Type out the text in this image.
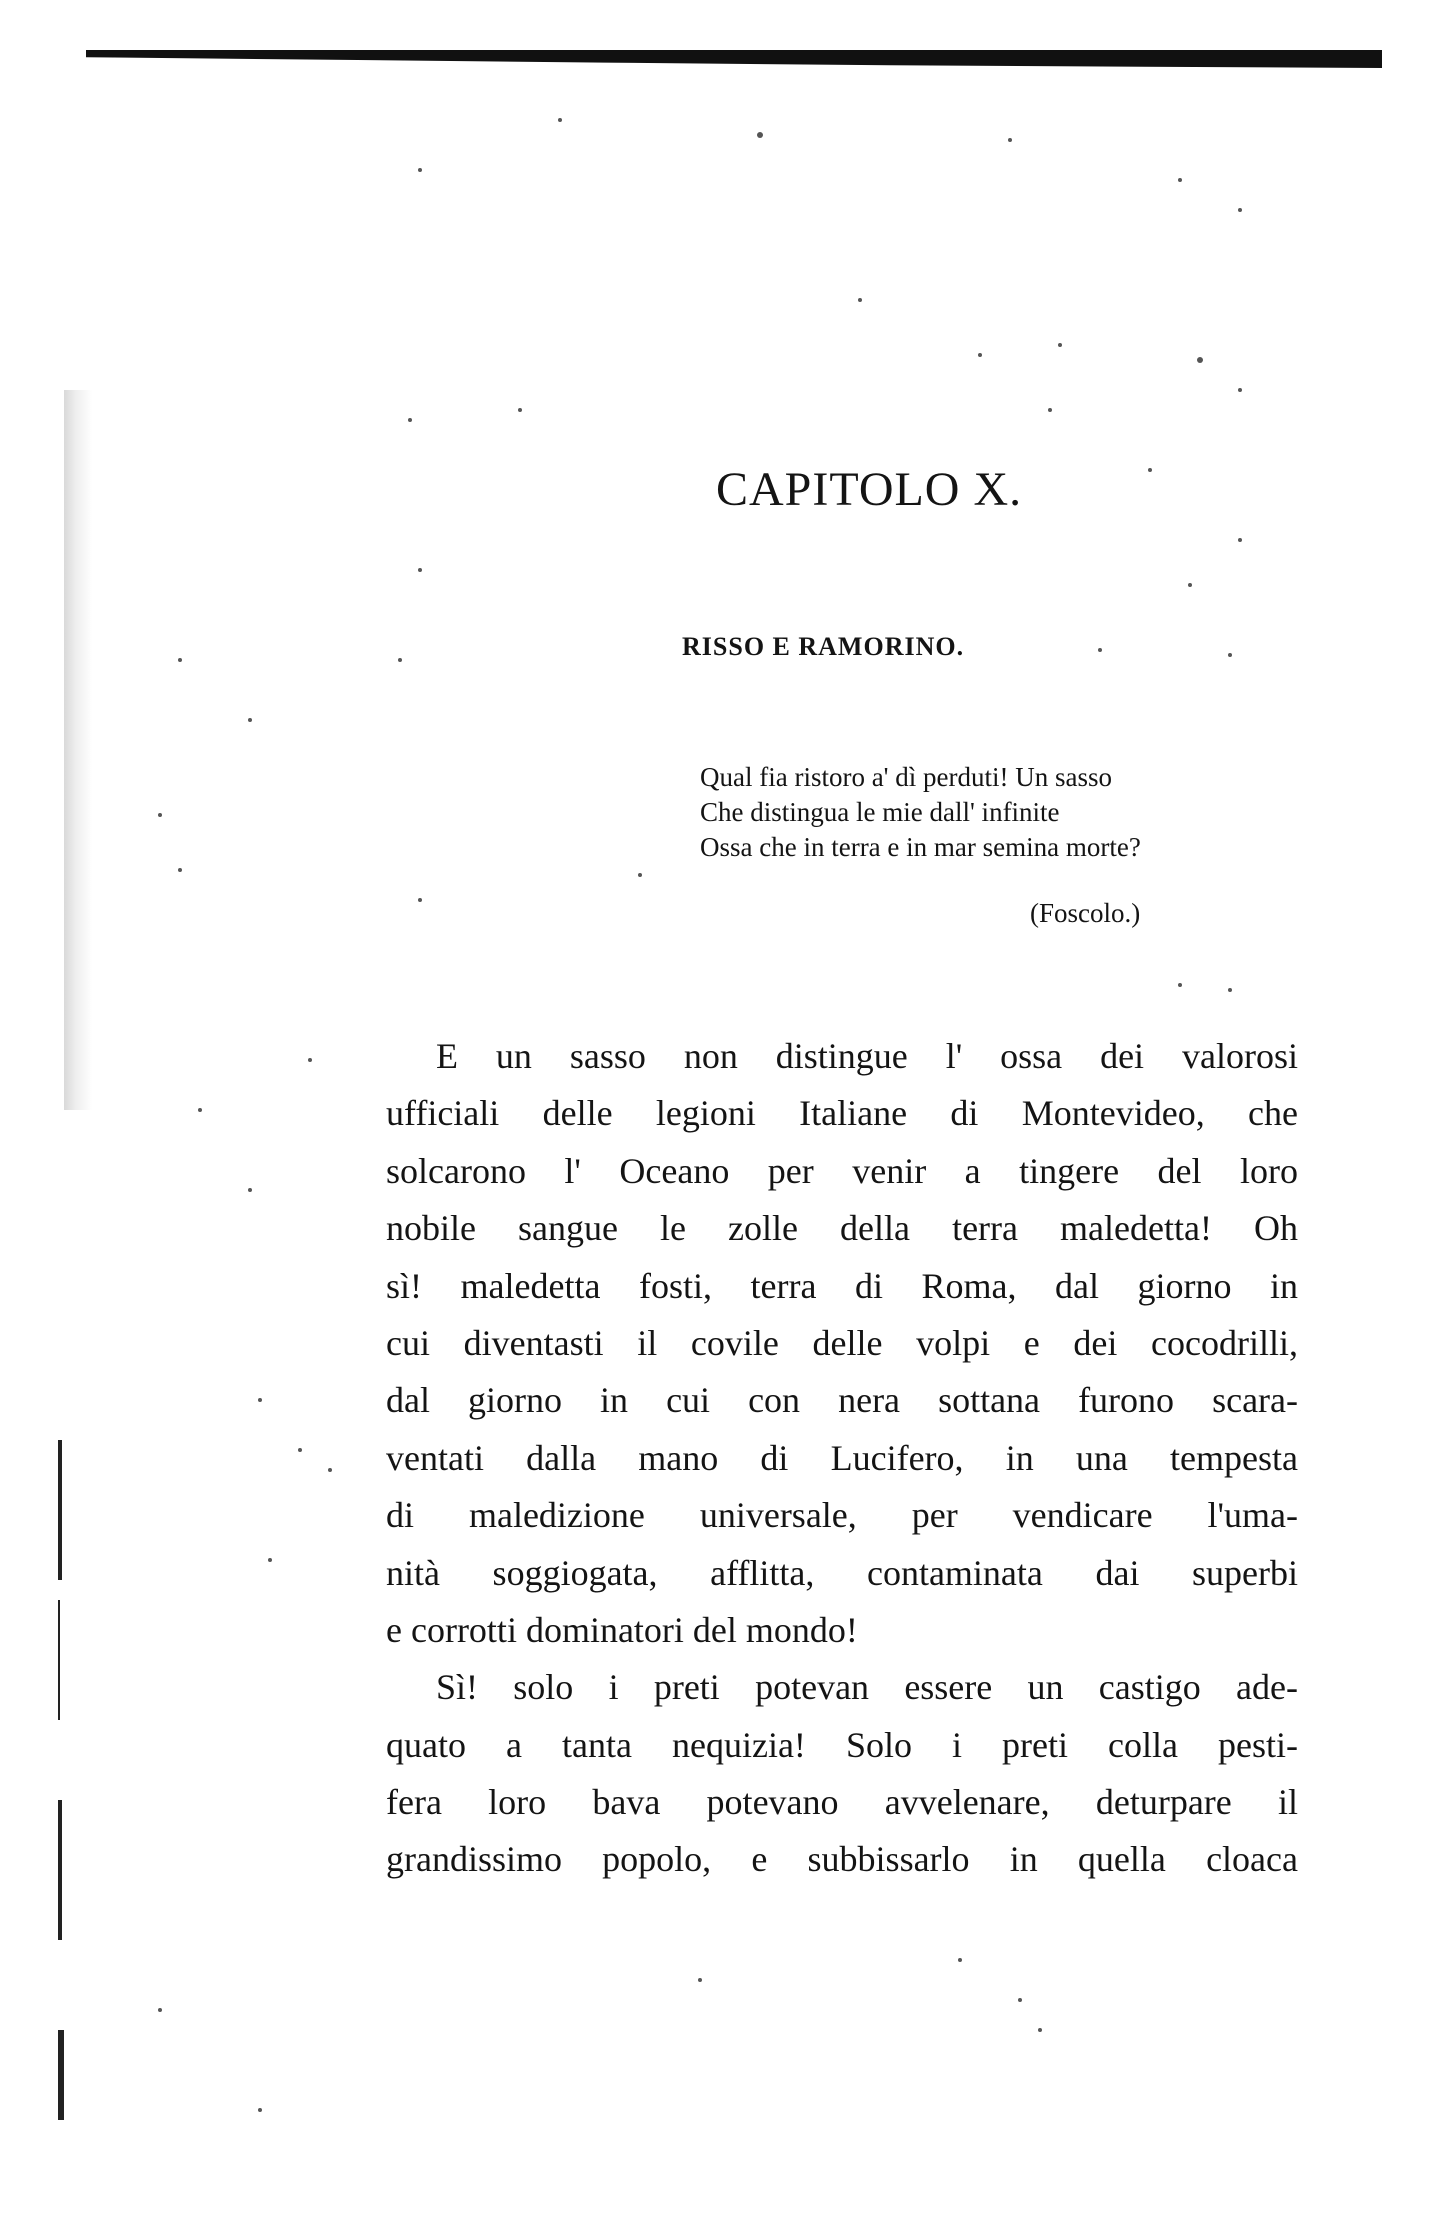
CAPITOLO X.
RISSO E RAMORINO.
Qual fia ristoro a' dì perduti! Un sasso
Che distingua le mie dall' infinite
Ossa che in terra e in mar semina morte?
(Foscolo.)
E un sasso non distingue l' ossa dei valorosi
ufficiali delle legioni Italiane di Montevideo, che
solcarono l' Oceano per venir a tingere del loro
nobile sangue le zolle della terra maledetta! Oh
sì! maledetta fosti, terra di Roma, dal giorno in
cui diventasti il covile delle volpi e dei cocodrilli,
dal giorno in cui con nera sottana furono scara-
ventati dalla mano di Lucifero, in una tempesta
di maledizione universale, per vendicare l'uma-
nità soggiogata, afflitta, contaminata dai superbi
e corrotti dominatori del mondo!
Sì! solo i preti potevan essere un castigo ade-
quato a tanta nequizia! Solo i preti colla pesti-
fera loro bava potevano avvelenare, deturpare il
grandissimo popolo, e subbissarlo in quella cloaca
